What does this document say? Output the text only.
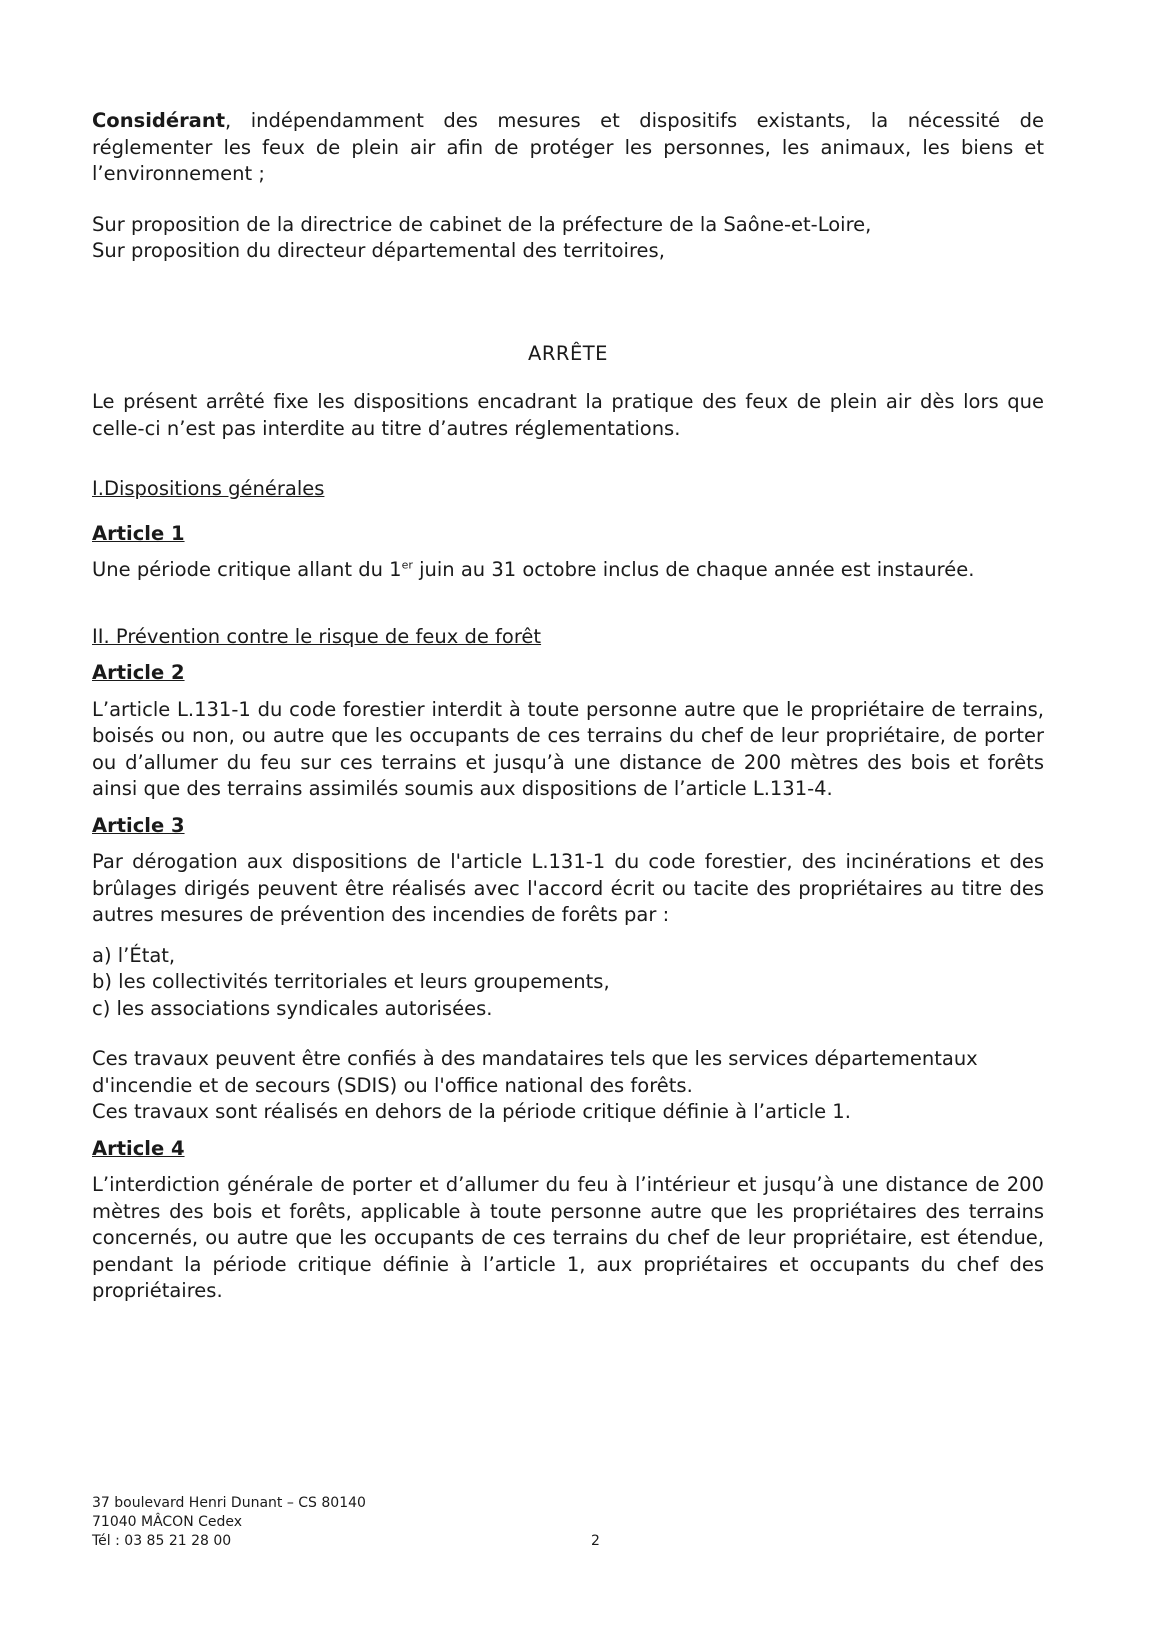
Considérant, indépendamment des mesures et dispositifs existants, la nécessité de réglementer les feux de plein air afin de protéger les personnes, les animaux, les biens et l’environnement ;

Sur proposition de la directrice de cabinet de la préfecture de la Saône-et-Loire,

Sur proposition du directeur départemental des territoires,

ARRÊTE

Le présent arrêté fixe les dispositions encadrant la pratique des feux de plein air dès lors que celle-ci n’est pas interdite au titre d’autres réglementations.

I.Dispositions générales

Article 1

Une période critique allant du 1er juin au 31 octobre inclus de chaque année est instaurée.

II. Prévention contre le risque de feux de forêt

Article 2

L’article L.131-1 du code forestier interdit à toute personne autre que le propriétaire de terrains, boisés ou non, ou autre que les occupants de ces terrains du chef de leur propriétaire, de porter ou d’allumer du feu sur ces terrains et jusqu’à une distance de 200 mètres des bois et forêts ainsi que des terrains assimilés soumis aux dispositions de l’article L.131-4.

Article 3

Par dérogation aux dispositions de l'article L.131-1 du code forestier, des incinérations et des brûlages dirigés peuvent être réalisés avec l'accord écrit ou tacite des propriétaires au titre des autres mesures de prévention des incendies de forêts par :

a) l’État,

b) les collectivités territoriales et leurs groupements,

c) les associations syndicales autorisées.

Ces travaux peuvent être confiés à des mandataires tels que les services départementaux d'incendie et de secours (SDIS) ou l'office national des forêts.

Ces travaux sont réalisés en dehors de la période critique définie à l’article 1.

Article 4

L’interdiction générale de porter et d’allumer du feu à l’intérieur et jusqu’à une distance de 200 mètres des bois et forêts, applicable à toute personne autre que les propriétaires des terrains concernés, ou autre que les occupants de ces terrains du chef de leur propriétaire, est étendue, pendant la période critique définie à l’article 1, aux propriétaires et occupants du chef des propriétaires.

37 boulevard Henri Dunant – CS 80140
71040 MÂCON Cedex
Tél : 03 85 21 28 00	2
